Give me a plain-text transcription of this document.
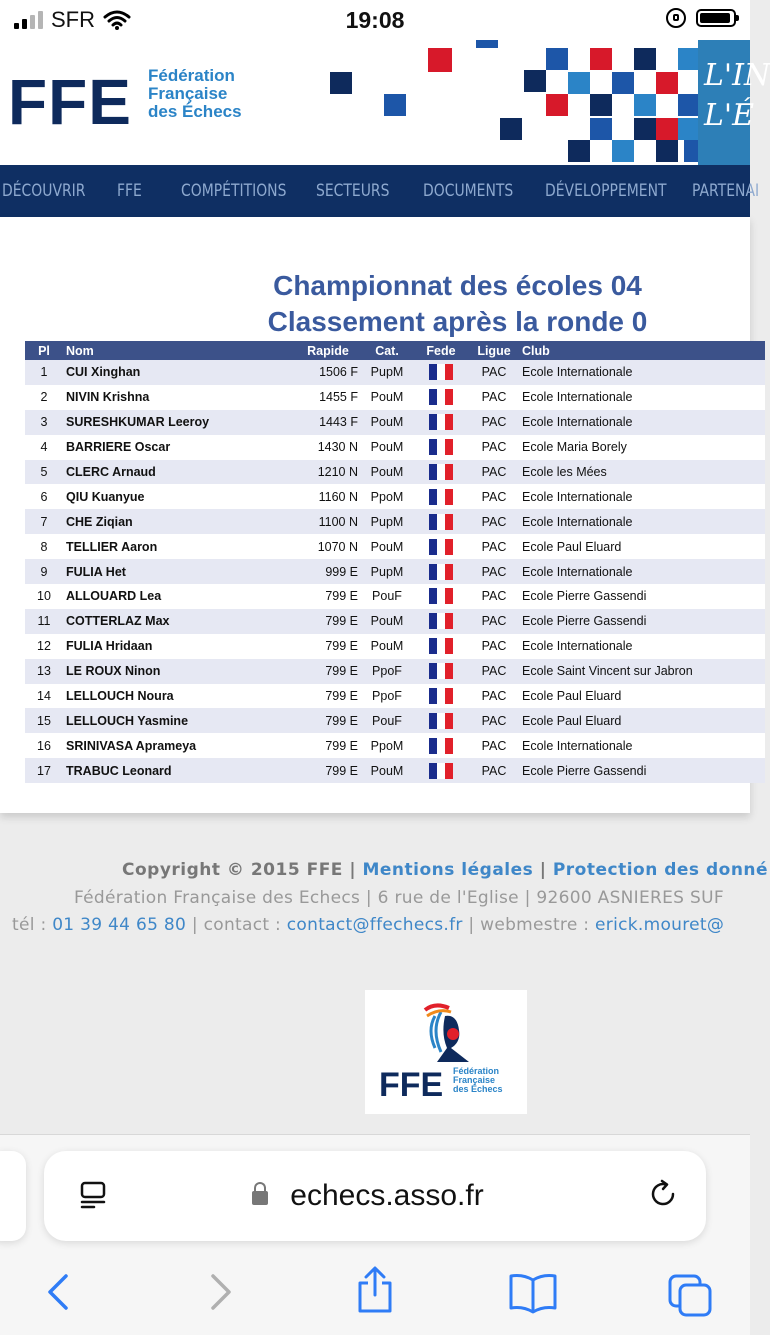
SFR	19:08
FFE Fédération
Française
des Échecs
L'IN
L'É
DÉCOUVRIR FFE COMPÉTITIONS SECTEURS DOCUMENTS DÉVELOPPEMENT PARTENAI
Championnat des écoles 04
Classement après la ronde 0
Pl	Nom	Rapide	Cat.	Fede	Ligue	Club
1	CUI Xinghan	1506 F	PupM		PAC	Ecole Internationale
2	NIVIN Krishna	1455 F	PouM		PAC	Ecole Internationale
3	SURESHKUMAR Leeroy	1443 F	PouM		PAC	Ecole Internationale
4	BARRIERE Oscar	1430 N	PouM		PAC	Ecole Maria Borely
5	CLERC Arnaud	1210 N	PouM		PAC	Ecole les Mées
6	QIU Kuanyue	1160 N	PpoM		PAC	Ecole Internationale
7	CHE Ziqian	1100 N	PupM		PAC	Ecole Internationale
8	TELLIER Aaron	1070 N	PouM		PAC	Ecole Paul Eluard
9	FULIA Het	999 E	PupM		PAC	Ecole Internationale
10	ALLOUARD Lea	799 E	PouF		PAC	Ecole Pierre Gassendi
11	COTTERLAZ Max	799 E	PouM		PAC	Ecole Pierre Gassendi
12	FULIA Hridaan	799 E	PouM		PAC	Ecole Internationale
13	LE ROUX Ninon	799 E	PpoF		PAC	Ecole Saint Vincent sur Jabron
14	LELLOUCH Noura	799 E	PpoF		PAC	Ecole Paul Eluard
15	LELLOUCH Yasmine	799 E	PouF		PAC	Ecole Paul Eluard
16	SRINIVASA Aprameya	799 E	PpoM		PAC	Ecole Internationale
17	TRABUC Leonard	799 E	PouM		PAC	Ecole Pierre Gassendi
Copyright © 2015 FFE | Mentions légales | Protection des donné
Fédération Française des Echecs | 6 rue de l'Eglise | 92600 ASNIERES SUF
tél : 01 39 44 65 80 | contact : contact@ffechecs.fr | webmestre : erick.mouret@
FFE Fédération
Française
des Échecs
echecs.asso.fr
